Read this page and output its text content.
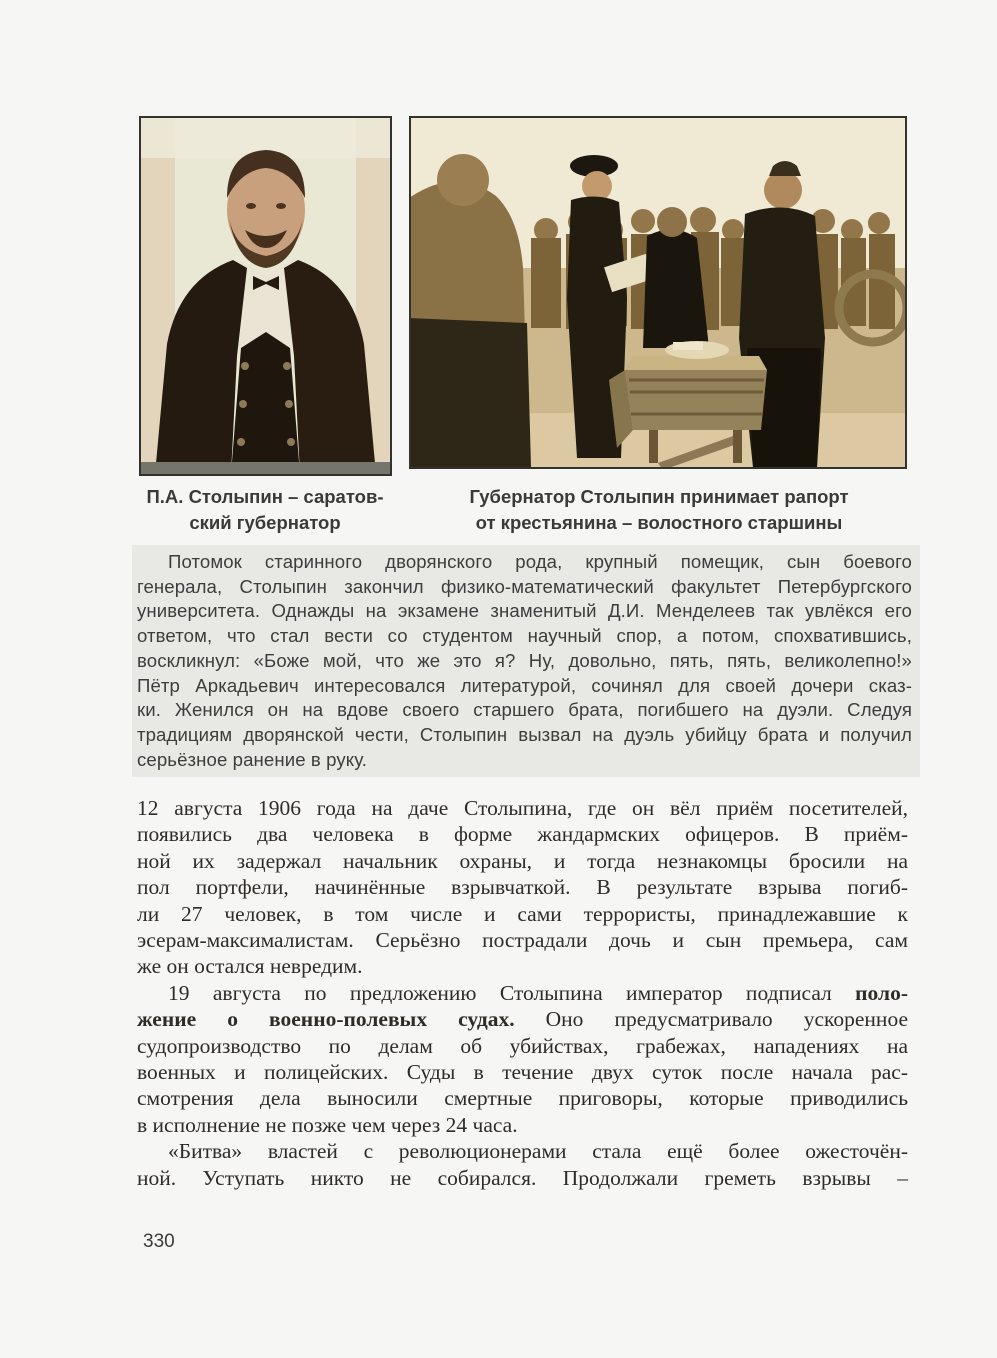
П.А. Столыпин – саратов-
ский губернатор
Губернатор Столыпин принимает рапорт
от крестьянина – волостного старшины
Потомок старинного дворянского рода, крупный помещик, сын боевого
генерала, Столыпин закончил физико-математический факультет Петербургского
университета. Однажды на экзамене знаменитый Д.И. Менделеев так увлёкся его
ответом, что стал вести со студентом научный спор, а потом, спохватившись,
воскликнул: «Боже мой, что же это я? Ну, довольно, пять, пять, великолепно!»
Пётр Аркадьевич интересовался литературой, сочинял для своей дочери сказ-
ки. Женился он на вдове своего старшего брата, погибшего на дуэли. Следуя
традициям дворянской чести, Столыпин вызвал на дуэль убийцу брата и получил
серьёзное ранение в руку.
12 августа 1906 года на даче Столыпина, где он вёл приём посетителей,
появились два человека в форме жандармских офицеров. В приём-
ной их задержал начальник охраны, и тогда незнакомцы бросили на
пол портфели, начинённые взрывчаткой. В результате взрыва погиб-
ли 27 человек, в том числе и сами террористы, принадлежавшие к
эсерам-максималистам. Серьёзно пострадали дочь и сын премьера, сам
же он остался невредим.
19 августа по предложению Столыпина император подписал поло-
жение о военно-полевых судах. Оно предусматривало ускоренное
судопроизводство по делам об убийствах, грабежах, нападениях на
военных и полицейских. Суды в течение двух суток после начала рас-
смотрения дела выносили смертные приговоры, которые приводились
в исполнение не позже чем через 24 часа.
«Битва» властей с революционерами стала ещё более ожесточён-
ной. Уступать никто не собирался. Продолжали греметь взрывы –
330
